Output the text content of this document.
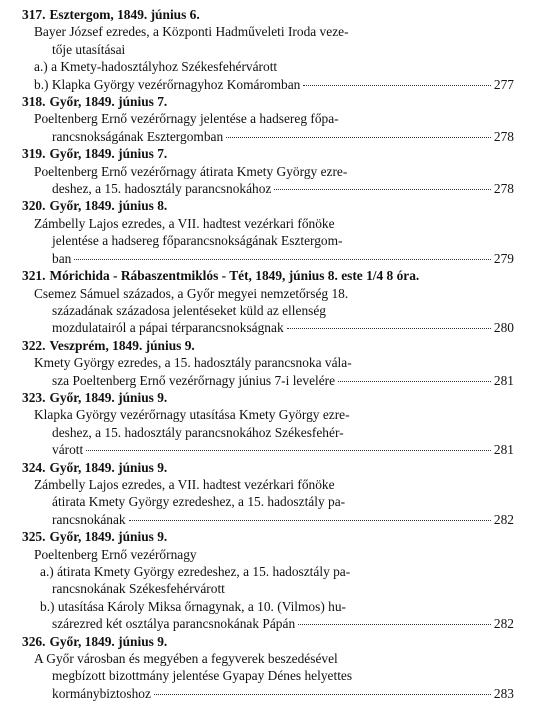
317. Esztergom, 1849. június 6.
Bayer József ezredes, a Központi Hadműveleti Iroda veze-
tője utasításai
a.) a Kmety-hadosztályhoz Székesfehérvárott
b.) Klapka György vezérőrnagyhoz Komáromban	277
318. Győr, 1849. június 7.
Poeltenberg Ernő vezérőrnagy jelentése a hadsereg főpa-
rancsnokságának Esztergomban	278
319. Győr, 1849. június 7.
Poeltenberg Ernő vezérőrnagy átirata Kmety György ezre-
deshez, a 15. hadosztály parancsnokához	278
320. Győr, 1849. június 8.
Zámbelly Lajos ezredes, a VII. hadtest vezérkari főnöke
jelentése a hadsereg főparancsnokságának Esztergom-
ban	279
321. Mórichida - Rábaszentmiklós - Tét, 1849, június 8. este 1/4 8 óra.
Csemez Sámuel százados, a Győr megyei nemzetőrség 18.
századának századosa jelentéseket küld az ellenség
mozdulatairól a pápai térparancsnokságnak	280
322. Veszprém, 1849. június 9.
Kmety György ezredes, a 15. hadosztály parancsnoka vála-
sza Poeltenberg Ernő vezérőrnagy június 7-i levelére	281
323. Győr, 1849. június 9.
Klapka György vezérőrnagy utasítása Kmety György ezre-
deshez, a 15. hadosztály parancsnokához Székesfehér-
várott	281
324. Győr, 1849. június 9.
Zámbelly Lajos ezredes, a VII. hadtest vezérkari főnöke
átirata Kmety György ezredeshez, a 15. hadosztály pa-
rancsnokának	282
325. Győr, 1849. június 9.
Poeltenberg Ernő vezérőrnagy
a.) átirata Kmety György ezredeshez, a 15. hadosztály pa-
rancsnokának Székesfehérvárott
b.) utasítása Károly Miksa őrnagynak, a 10. (Vilmos) hu-
szárezred két osztálya parancsnokának Pápán	282
326. Győr, 1849. június 9.
A Győr városban és megyében a fegyverek beszedésével
megbízott bizottmány jelentése Gyapay Dénes helyettes
kormánybiztoshoz	283
